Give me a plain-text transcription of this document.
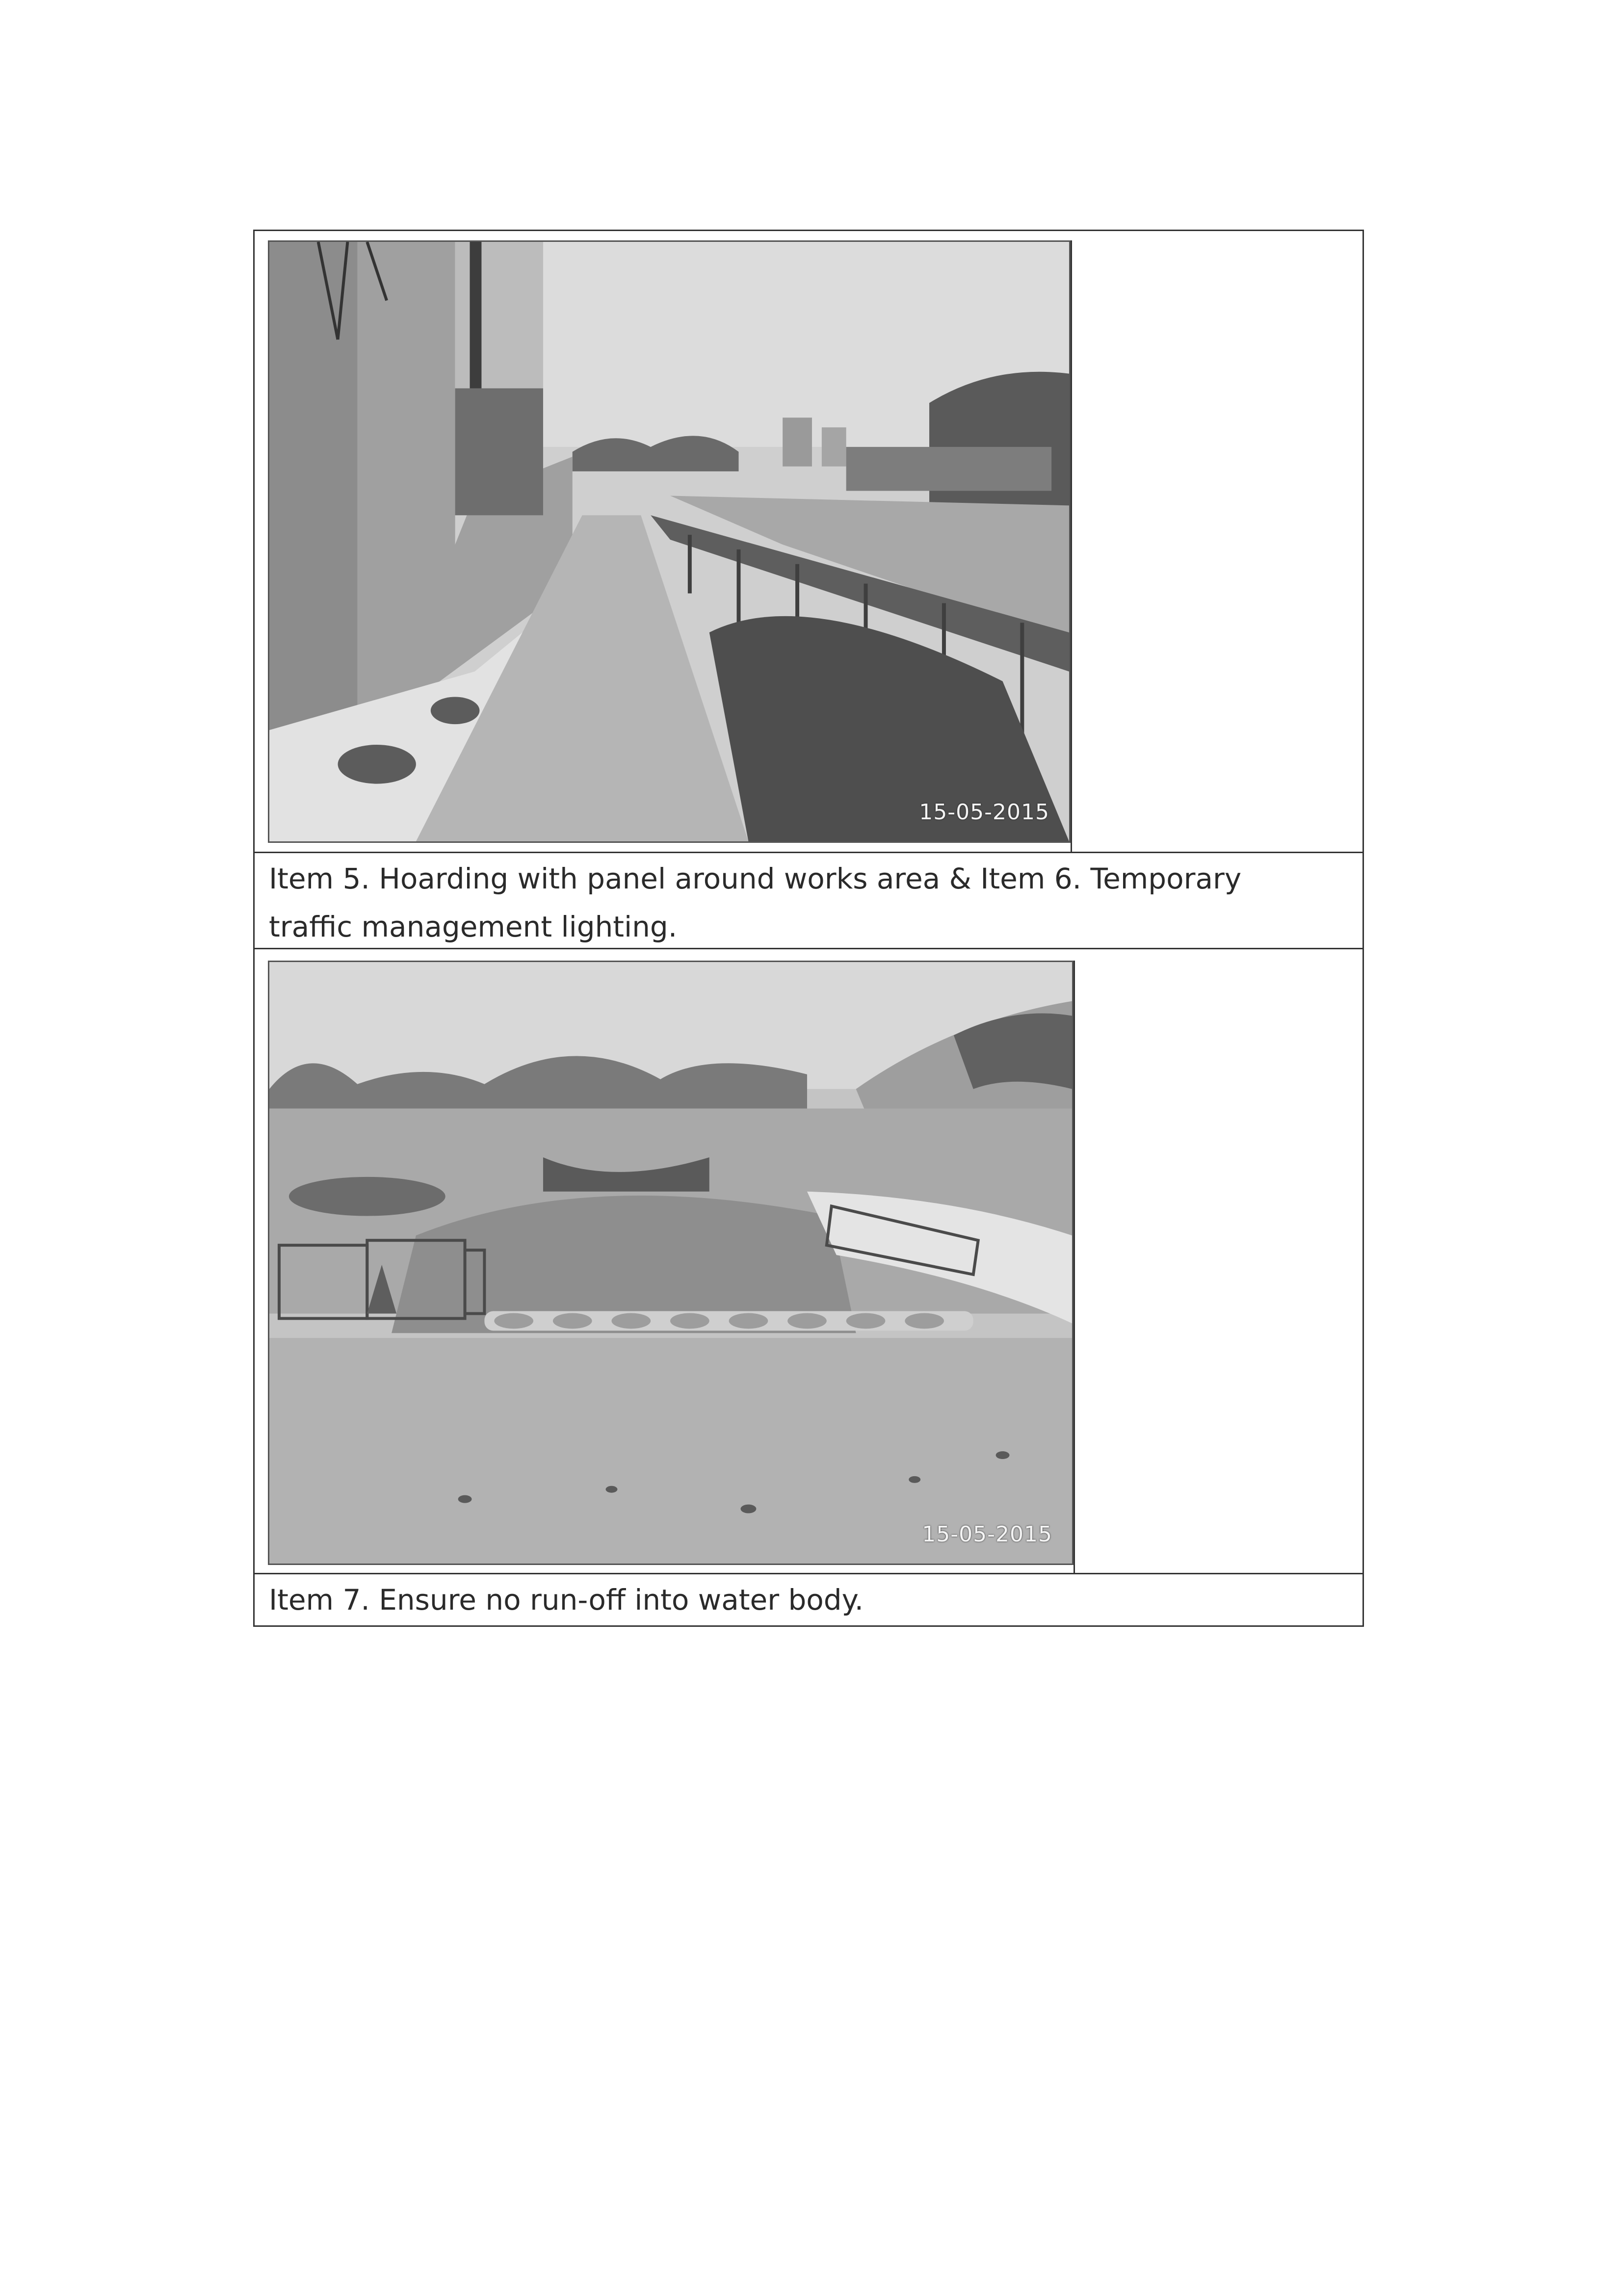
15-05-2015
Item 5. Hoarding with panel around works area & Item 6. Temporary traffic management lighting.
15-05-2015
Item 7. Ensure no run-off into water body.
